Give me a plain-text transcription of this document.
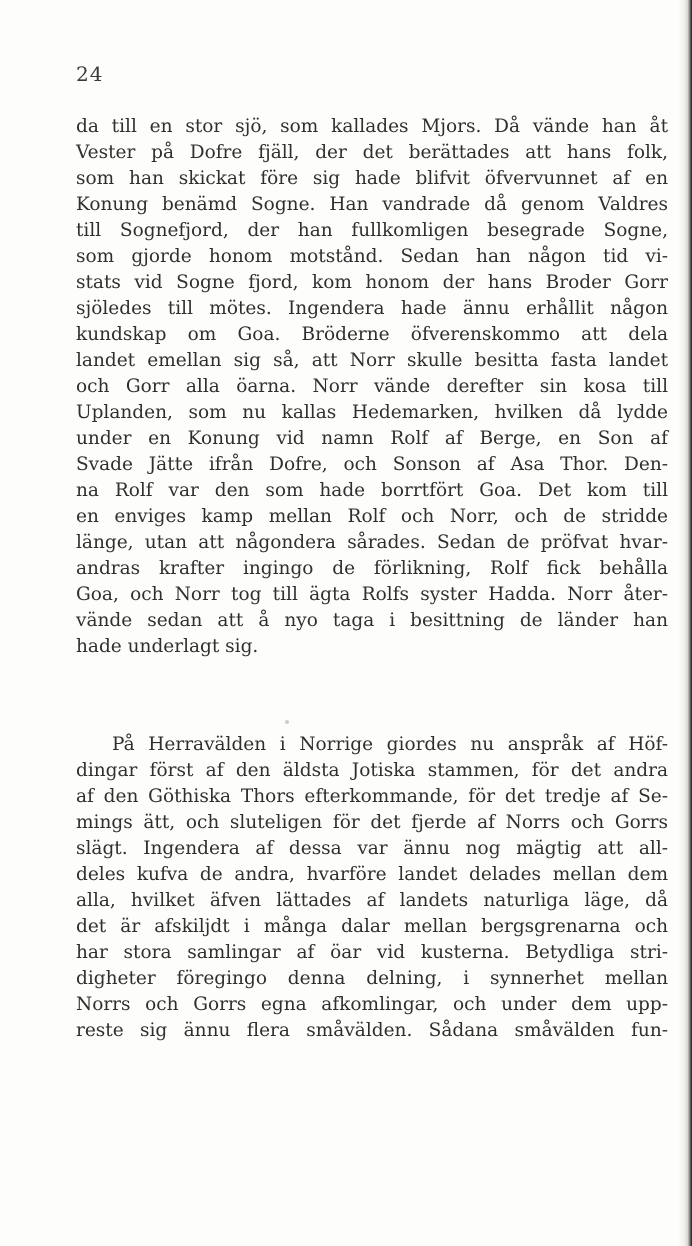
24
da till en stor sjö, som kallades Mjors. Då vände han åt
Vester på Dofre fjäll, der det berättades att hans folk,
som han skickat före sig hade blifvit öfvervunnet af en
Konung benämd Sogne. Han vandrade då genom Valdres
till Sognefjord, der han fullkomligen besegrade Sogne,
som gjorde honom motstånd. Sedan han någon tid vi-
stats vid Sogne fjord, kom honom der hans Broder Gorr
sjöledes till mötes. Ingendera hade ännu erhållit någon
kundskap om Goa. Bröderne öfverenskommo att dela
landet emellan sig så, att Norr skulle besitta fasta landet
och Gorr alla öarna. Norr vände derefter sin kosa till
Uplanden, som nu kallas Hedemarken, hvilken då lydde
under en Konung vid namn Rolf af Berge, en Son af
Svade Jätte ifrån Dofre, och Sonson af Asa Thor. Den-
na Rolf var den som hade borrtfört Goa. Det kom till
en enviges kamp mellan Rolf och Norr, och de stridde
länge, utan att någondera sårades. Sedan de pröfvat hvar-
andras krafter ingingo de förlikning, Rolf fick behålla
Goa, och Norr tog till ägta Rolfs syster Hadda. Norr åter-
vände sedan att å nyo taga i besittning de länder han
hade underlagt sig.
På Herravälden i Norrige giordes nu anspråk af Höf-
dingar först af den äldsta Jotiska stammen, för det andra
af den Göthiska Thors efterkommande, för det tredje af Se-
mings ätt, och sluteligen för det fjerde af Norrs och Gorrs
slägt. Ingendera af dessa var ännu nog mägtig att all-
deles kufva de andra, hvarföre landet delades mellan dem
alla, hvilket äfven lättades af landets naturliga läge, då
det är afskiljdt i många dalar mellan bergsgrenarna och
har stora samlingar af öar vid kusterna. Betydliga stri-
digheter föregingo denna delning, i synnerhet mellan
Norrs och Gorrs egna afkomlingar, och under dem upp-
reste sig ännu flera småvälden. Sådana småvälden fun-
